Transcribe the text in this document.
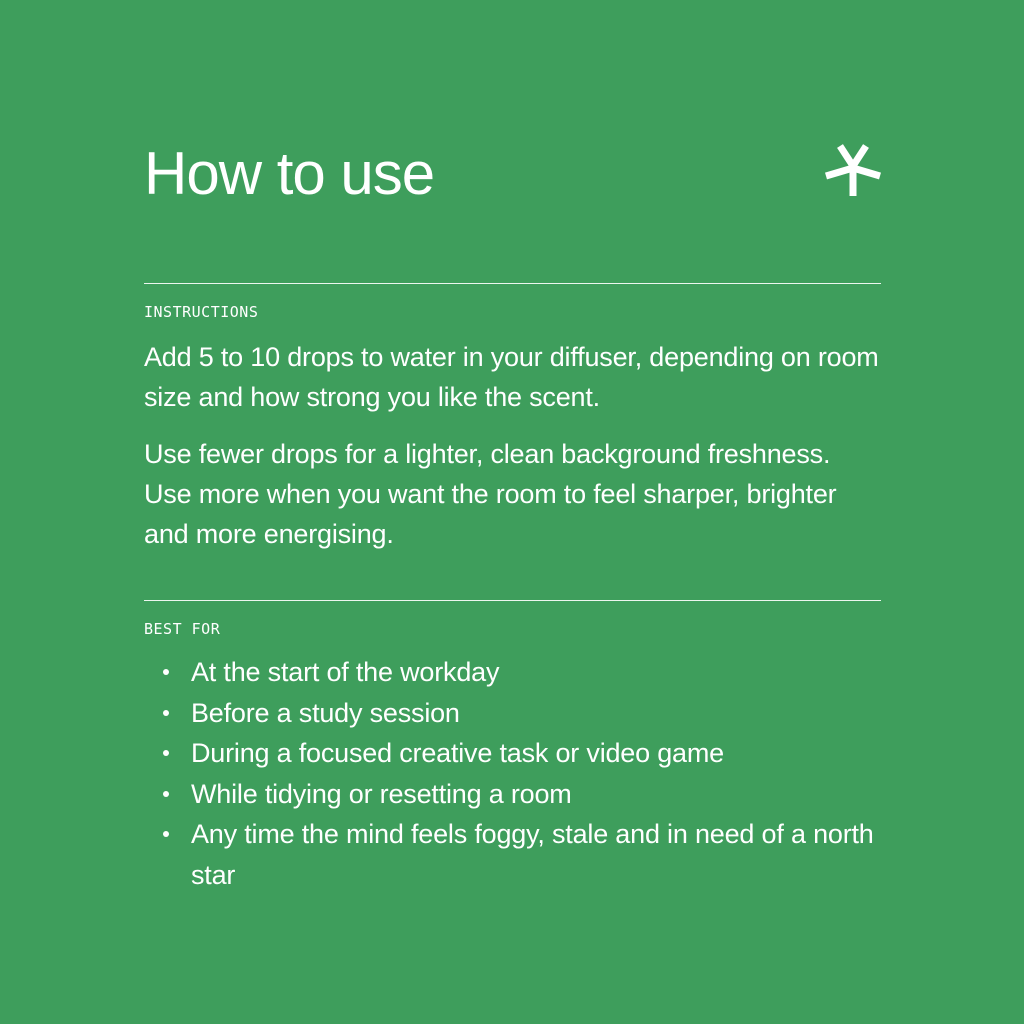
How to use
INSTRUCTIONS

Add 5 to 10 drops to water in your diffuser, depending on room size and how strong you like the scent.

Use fewer drops for a lighter, clean background freshness. Use more when you want the room to feel sharper, brighter and more energising.

BEST FOR
At the start of the workday
Before a study session
During a focused creative task or video game
While tidying or resetting a room
Any time the mind feels foggy, stale and in need of a north star
